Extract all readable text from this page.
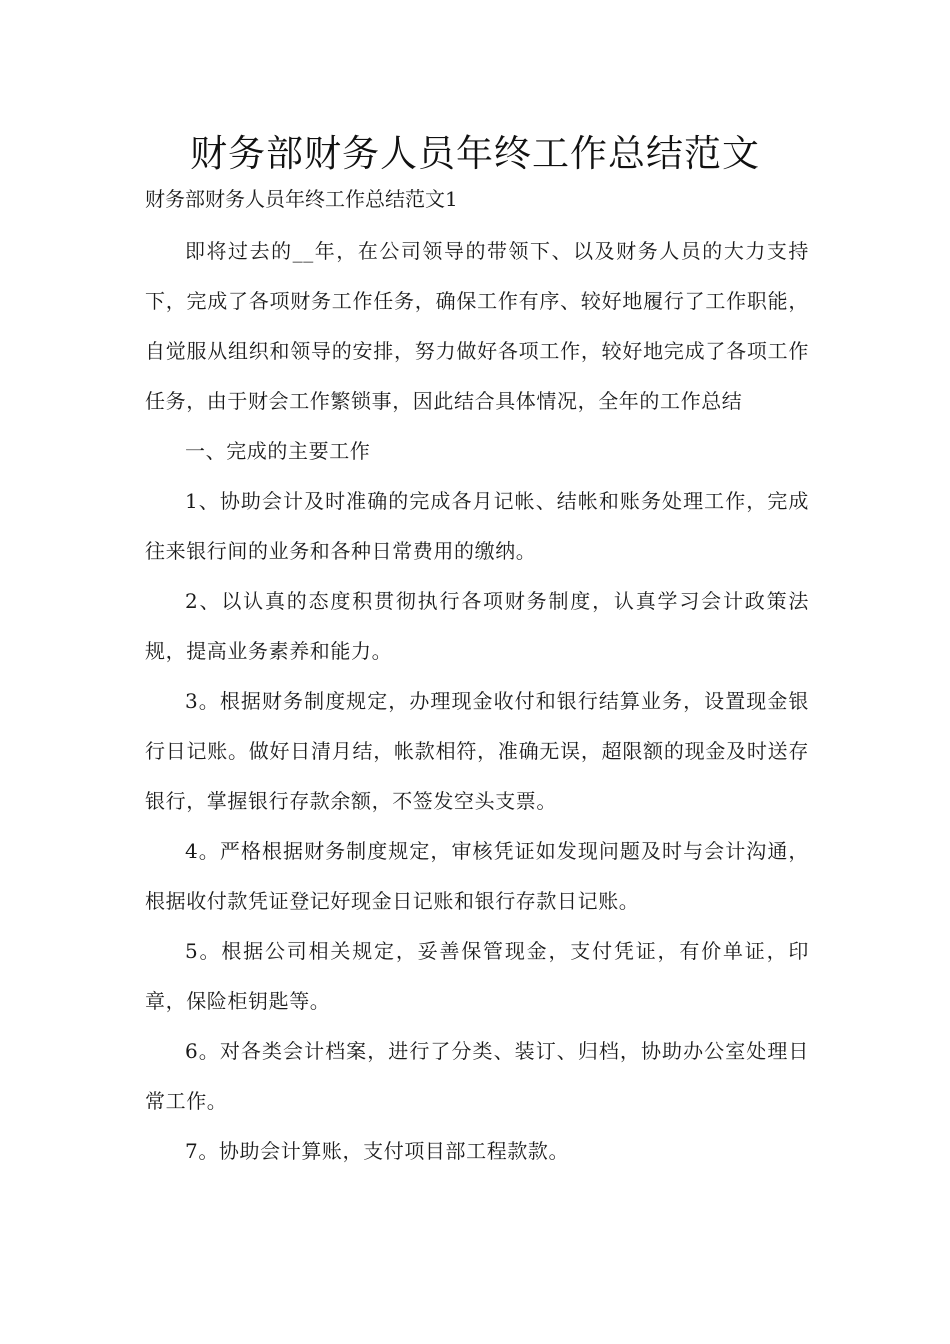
财务部财务人员年终工作总结范文
财务部财务人员年终工作总结范文1

即将过去的__年，在公司领导的带领下、以及财务人员的大力支持下，完成了各项财务工作任务，确保工作有序、较好地履行了工作职能，自觉服从组织和领导的安排，努力做好各项工作，较好地完成了各项工作任务，由于财会工作繁锁事，因此结合具体情况，全年的工作总结

一、完成的主要工作

1、协助会计及时准确的完成各月记帐、结帐和账务处理工作，完成往来银行间的业务和各种日常费用的缴纳。

2、以认真的态度积贯彻执行各项财务制度，认真学习会计政策法规，提高业务素养和能力。

3。根据财务制度规定，办理现金收付和银行结算业务，设置现金银行日记账。做好日清月结，帐款相符，准确无误，超限额的现金及时送存银行，掌握银行存款余额，不签发空头支票。

4。严格根据财务制度规定，审核凭证如发现问题及时与会计沟通，根据收付款凭证登记好现金日记账和银行存款日记账。

5。根据公司相关规定，妥善保管现金，支付凭证，有价单证，印章，保险柜钥匙等。

6。对各类会计档案，进行了分类、装订、归档，协助办公室处理日常工作。

7。协助会计算账，支付项目部工程款款。
